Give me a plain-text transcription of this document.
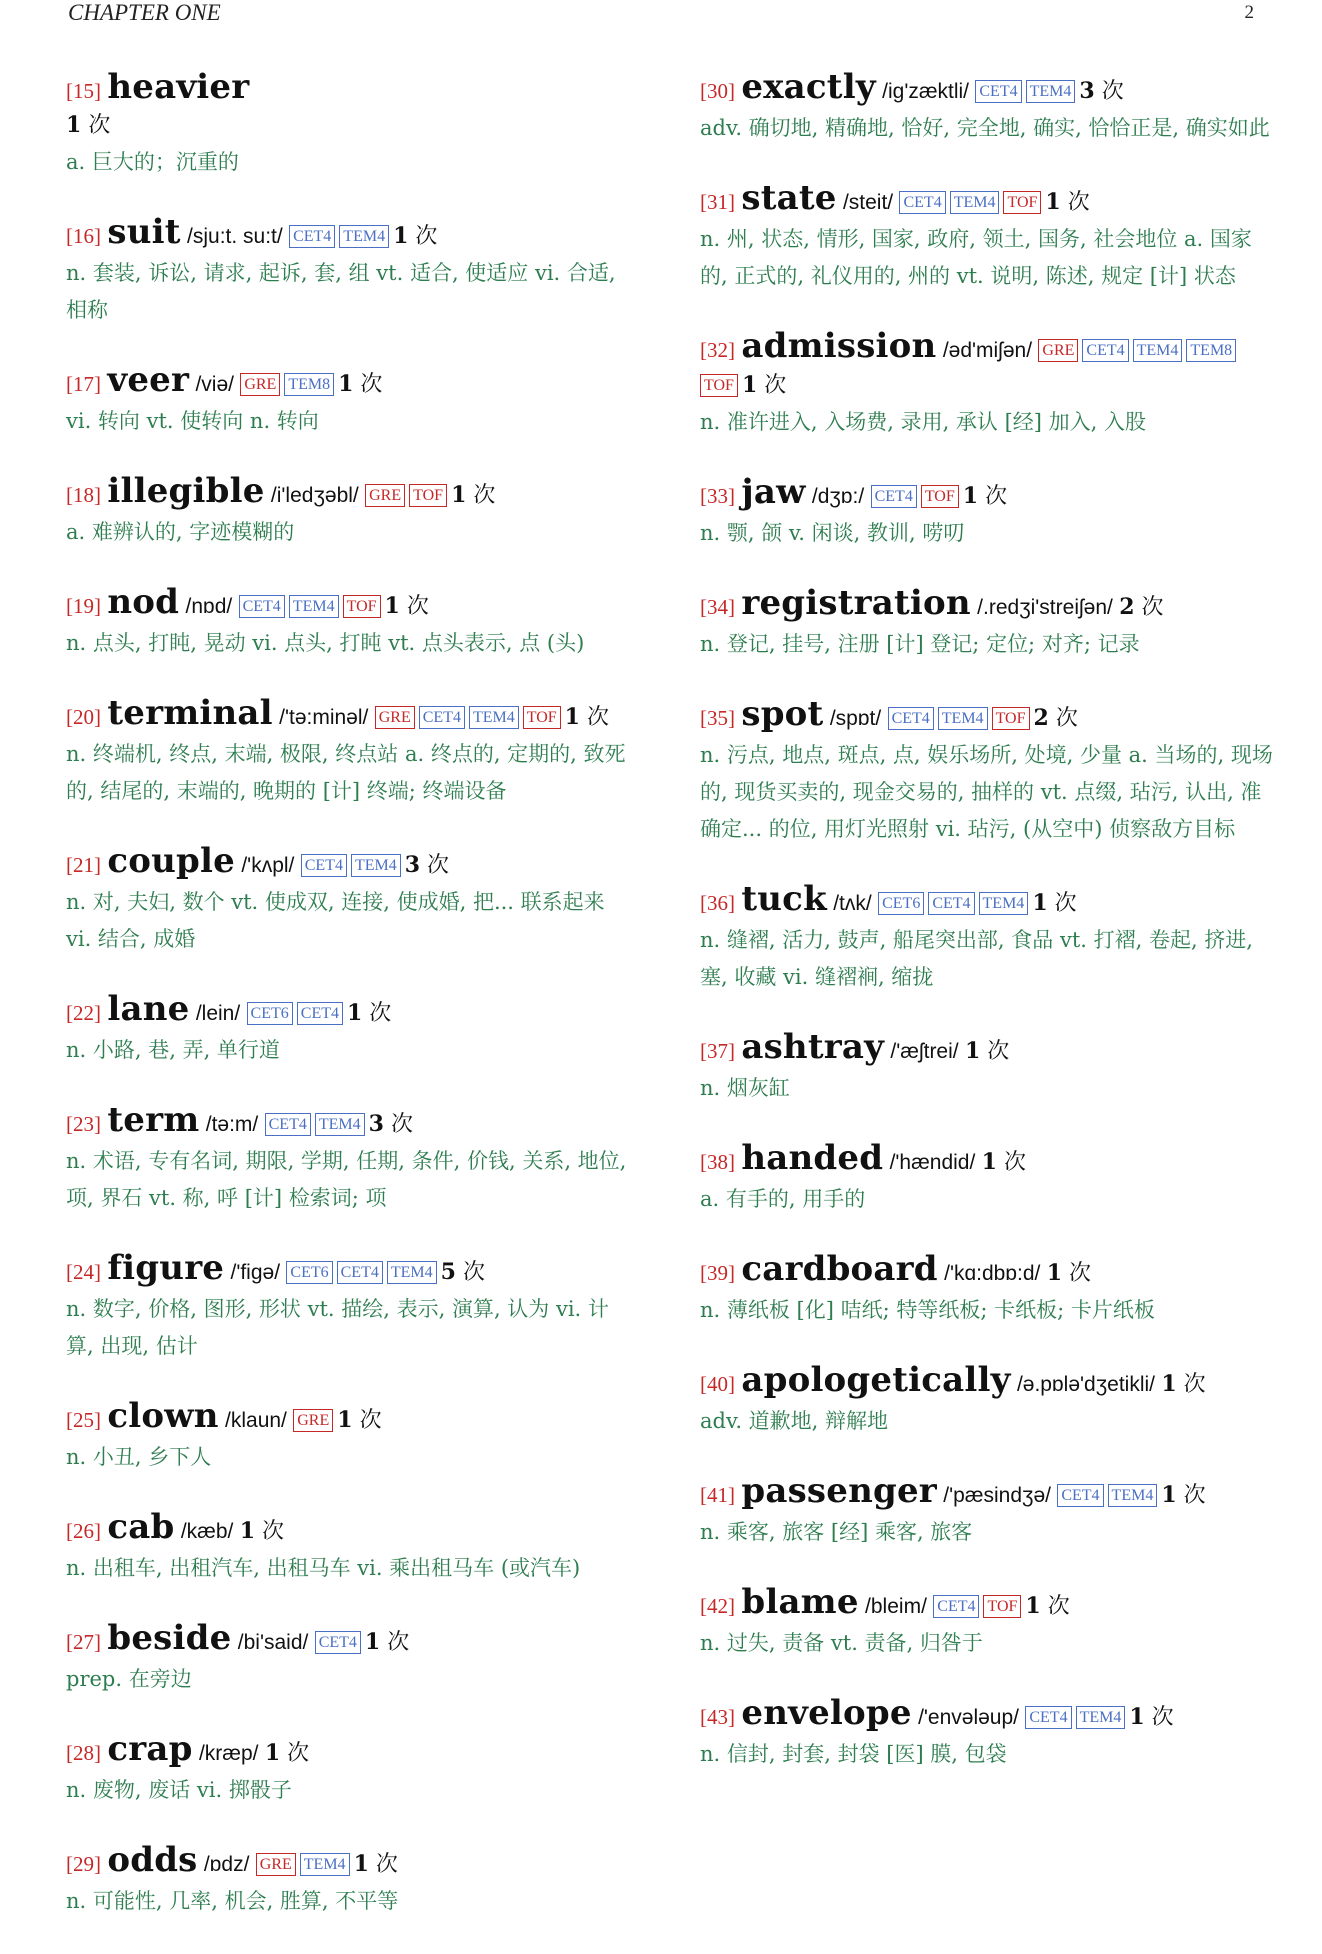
CHAPTER ONE	2
[15] heavier
1 次
a. 巨大的；沉重的
[16] suit /sju:t. su:t/ CET4 TEM4 1 次
n. 套装, 诉讼, 请求, 起诉, 套, 组 vt. 适合, 使适应 vi. 合适, 相称
[17] veer /viə/ GRE TEM8 1 次
vi. 转向 vt. 使转向 n. 转向
[18] illegible /i'ledʒəbl/ GRE TOF 1 次
a. 难辨认的, 字迹模糊的
[19] nod /nɒd/ CET4 TEM4 TOF 1 次
n. 点头, 打盹, 晃动 vi. 点头, 打盹 vt. 点头表示, 点 (头)
[20] terminal /'tə:minəl/ GRE CET4 TEM4 TOF 1 次
n. 终端机, 终点, 末端, 极限, 终点站 a. 终点的, 定期的, 致死的, 结尾的, 末端的, 晚期的 [计] 终端; 终端设备
[21] couple /'kʌpl/ CET4 TEM4 3 次
n. 对, 夫妇, 数个 vt. 使成双, 连接, 使成婚, 把... 联系起来 vi. 结合, 成婚
[22] lane /lein/ CET6 CET4 1 次
n. 小路, 巷, 弄, 单行道
[23] term /tə:m/ CET4 TEM4 3 次
n. 术语, 专有名词, 期限, 学期, 任期, 条件, 价钱, 关系, 地位, 项, 界石 vt. 称, 呼 [计] 检索词; 项
[24] figure /'figə/ CET6 CET4 TEM4 5 次
n. 数字, 价格, 图形, 形状 vt. 描绘, 表示, 演算, 认为 vi. 计算, 出现, 估计
[25] clown /klaun/ GRE 1 次
n. 小丑, 乡下人
[26] cab /kæb/ 1 次
n. 出租车, 出租汽车, 出租马车 vi. 乘出租马车 (或汽车)
[27] beside /bi'said/ CET4 1 次
prep. 在旁边
[28] crap /kræp/ 1 次
n. 废物, 废话 vi. 掷骰子
[29] odds /ɒdz/ GRE TEM4 1 次
n. 可能性, 几率, 机会, 胜算, 不平等
[30] exactly /ig'zæktli/ CET4 TEM4 3 次
adv. 确切地, 精确地, 恰好, 完全地, 确实, 恰恰正是, 确实如此
[31] state /steit/ CET4 TEM4 TOF 1 次
n. 州, 状态, 情形, 国家, 政府, 领土, 国务, 社会地位 a. 国家的, 正式的, 礼仪用的, 州的 vt. 说明, 陈述, 规定 [计] 状态
[32] admission /əd'miʃən/ GRE CET4 TEM4 TEM8TOF 1 次
n. 准许进入, 入场费, 录用, 承认 [经] 加入, 入股
[33] jaw /dʒɒ:/ CET4 TOF 1 次
n. 颚, 颌 v. 闲谈, 教训, 唠叨
[34] registration /.redʒi'streiʃən/ 2 次
n. 登记, 挂号, 注册 [计] 登记; 定位; 对齐; 记录
[35] spot /spɒt/ CET4 TEM4 TOF 2 次
n. 污点, 地点, 斑点, 点, 娱乐场所, 处境, 少量 a. 当场的, 现场的, 现货买卖的, 现金交易的, 抽样的 vt. 点缀, 玷污, 认出, 准确定... 的位, 用灯光照射 vi. 玷污, (从空中) 侦察敌方目标
[36] tuck /tʌk/ CET6 CET4 TEM4 1 次
n. 缝褶, 活力, 鼓声, 船尾突出部, 食品 vt. 打褶, 卷起, 挤进, 塞, 收藏 vi. 缝褶裥, 缩拢
[37] ashtray /'æʃtrei/ 1 次
n. 烟灰缸
[38] handed /'hændid/ 1 次
a. 有手的, 用手的
[39] cardboard /'kɑ:dbɒ:d/ 1 次
n. 薄纸板 [化] 咭纸; 特等纸板; 卡纸板; 卡片纸板
[40] apologetically /ə.pɒlə'dʒetikli/ 1 次
adv. 道歉地, 辩解地
[41] passenger /'pæsindʒə/ CET4 TEM4 1 次
n. 乘客, 旅客 [经] 乘客, 旅客
[42] blame /bleim/ CET4 TOF 1 次
n. 过失, 责备 vt. 责备, 归咎于
[43] envelope /'envələup/ CET4 TEM4 1 次
n. 信封, 封套, 封袋 [医] 膜, 包袋
